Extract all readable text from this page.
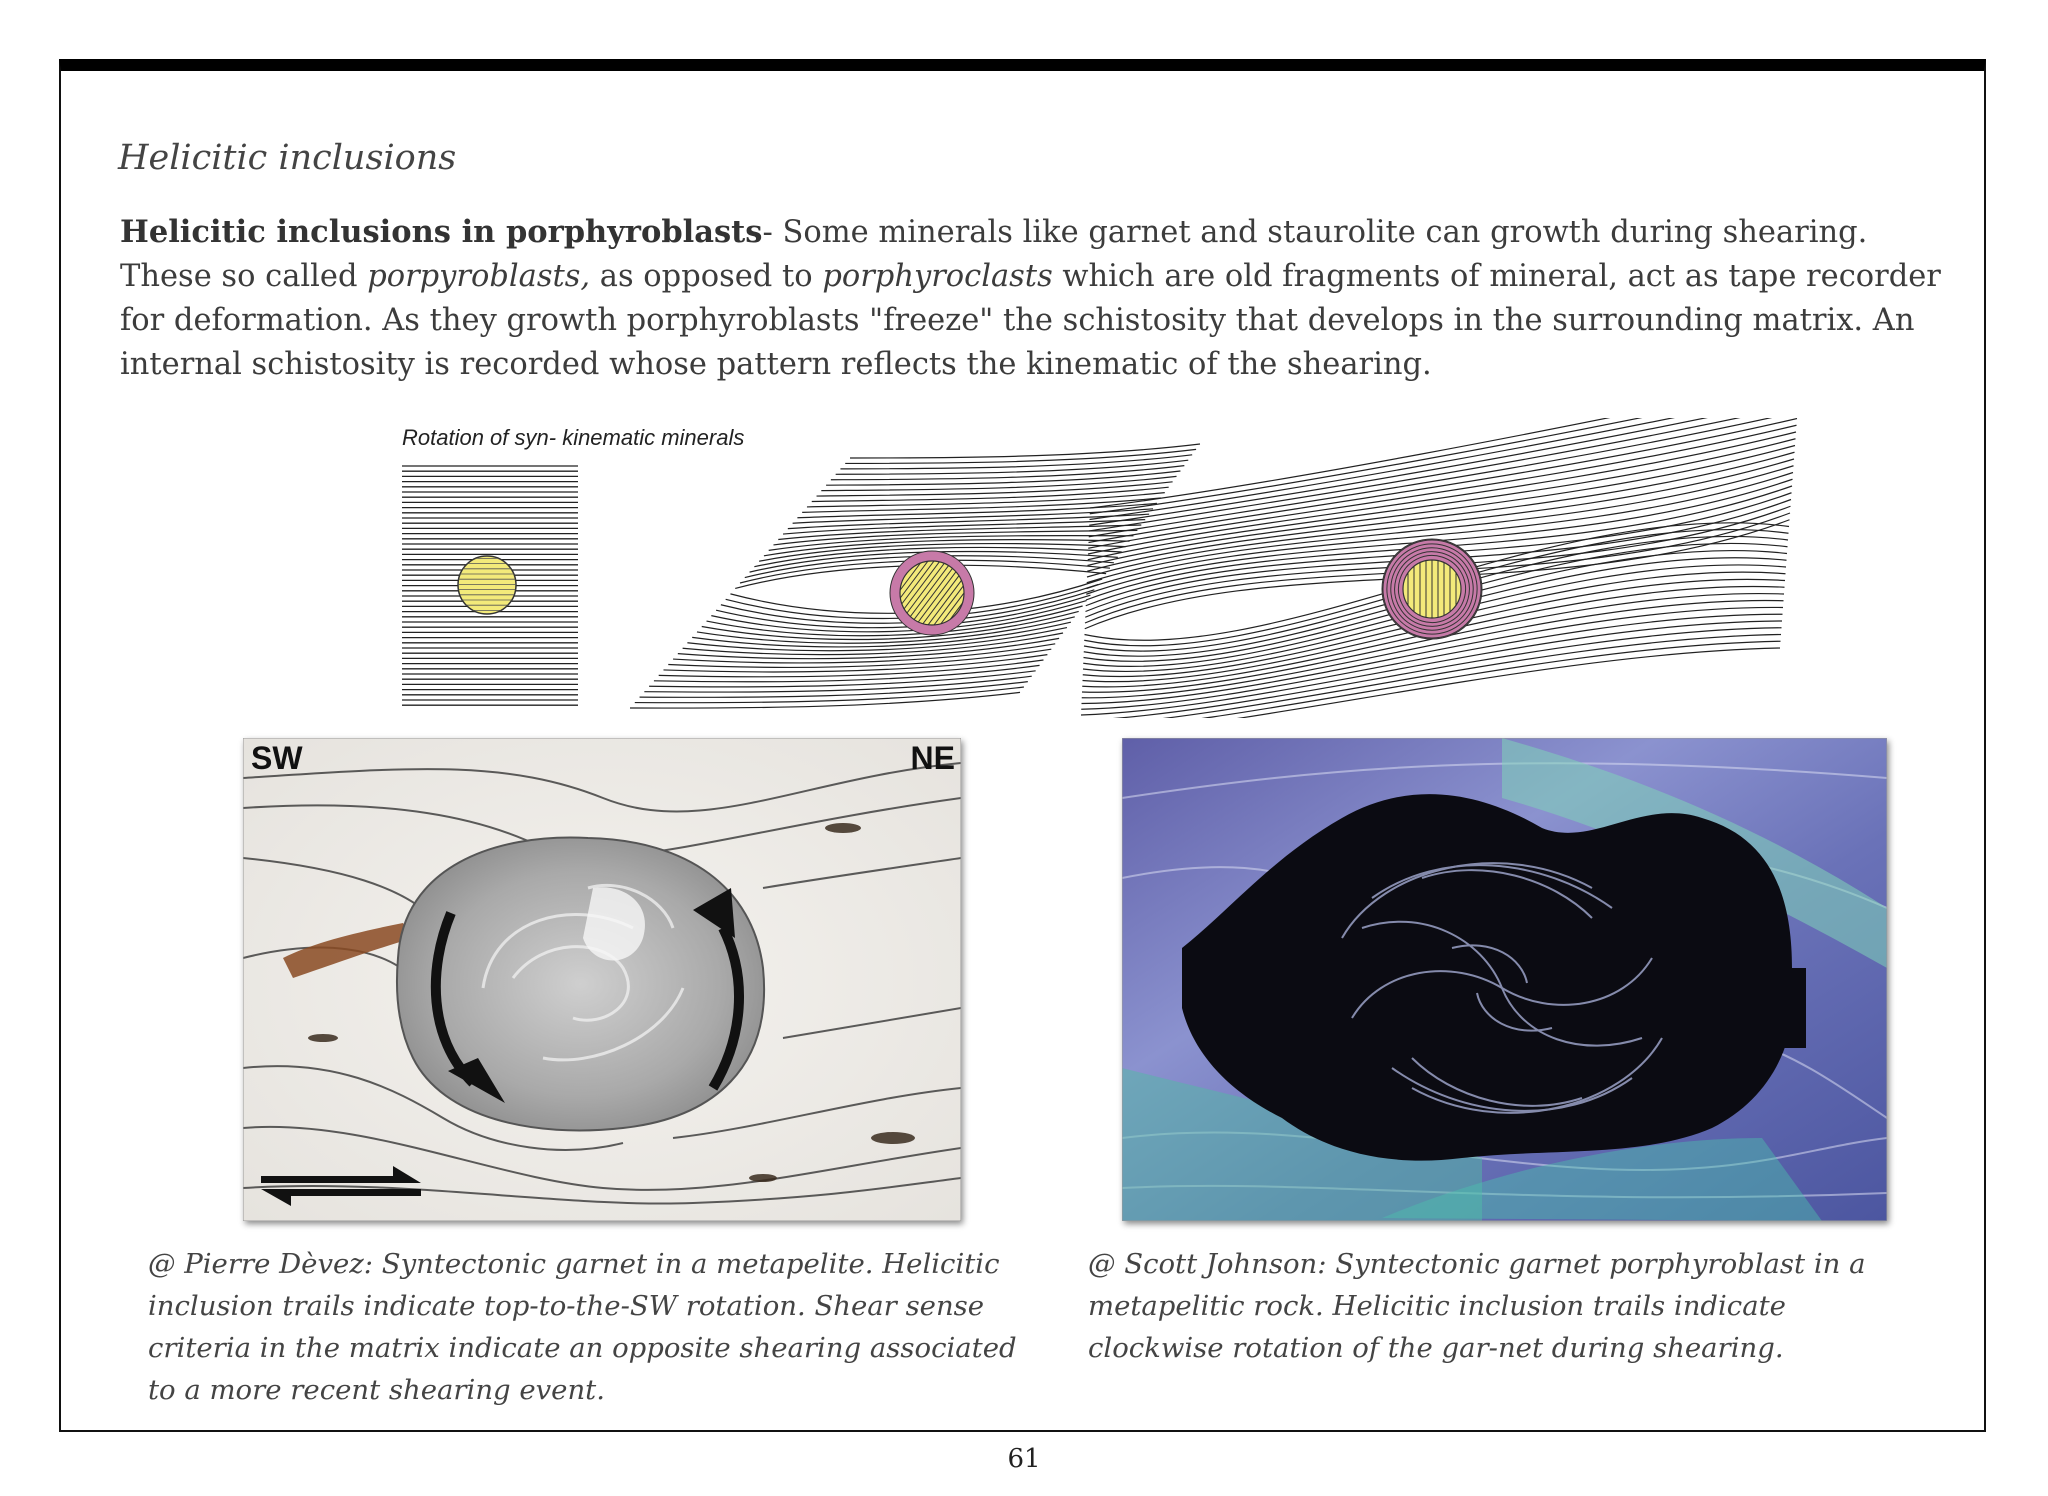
Helicitic inclusions
Helicitic inclusions in porphyroblasts- Some minerals like garnet and staurolite can growth during shearing. These so called porpyroblasts, as opposed to porphyroclasts which are old fragments of mineral, act as tape recorder for deformation. As they growth porphyroblasts "freeze" the schistosity that develops in the surrounding matrix. An internal schistosity is recorded whose pattern reflects the kinematic of the shearing.
Rotation of syn- kinematic minerals
SW	NE
@ Pierre Dèvez: Syntectonic garnet in a metapelite. Helicitic inclusion trails indicate top-to-the-SW rotation. Shear sense criteria in the matrix indicate an opposite shearing associated to a more recent shearing event.
@ Scott Johnson: Syntectonic garnet porphyroblast in a metapelitic rock. Helicitic inclusion trails indicate clockwise rotation of the gar-net during shearing.
61
